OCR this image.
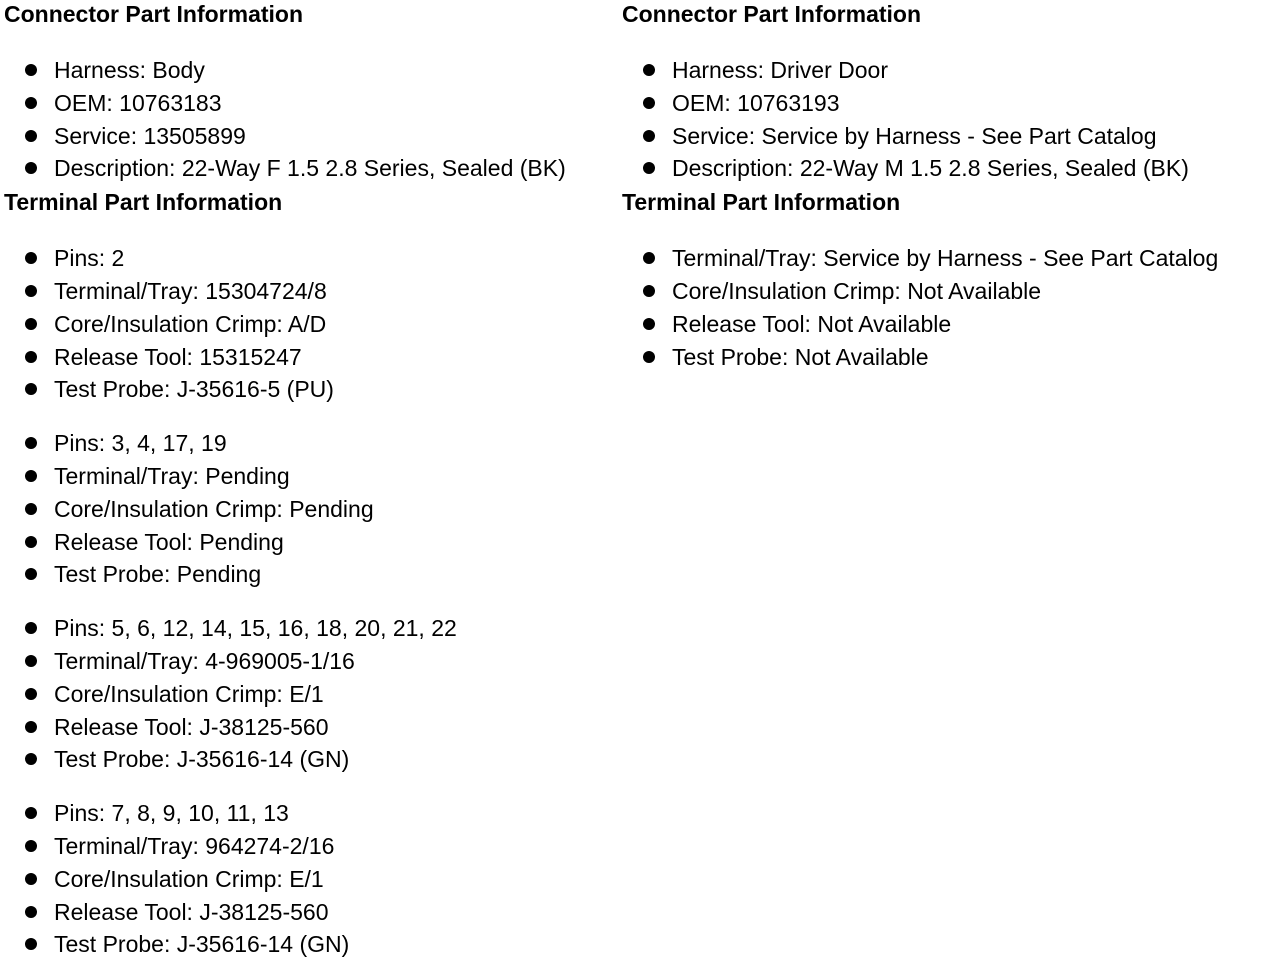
Connector Part Information
Harness: Body
OEM: 10763183
Service: 13505899
Description: 22-Way F 1.5 2.8 Series, Sealed (BK)
Terminal Part Information
Pins: 2
Terminal/Tray: 15304724/8
Core/Insulation Crimp: A/D
Release Tool: 15315247
Test Probe: J-35616-5 (PU)
Pins: 3, 4, 17, 19
Terminal/Tray: Pending
Core/Insulation Crimp: Pending
Release Tool: Pending
Test Probe: Pending
Pins: 5, 6, 12, 14, 15, 16, 18, 20, 21, 22
Terminal/Tray: 4-969005-1/16
Core/Insulation Crimp: E/1
Release Tool: J-38125-560
Test Probe: J-35616-14 (GN)
Pins: 7, 8, 9, 10, 11, 13
Terminal/Tray: 964274-2/16
Core/Insulation Crimp: E/1
Release Tool: J-38125-560
Test Probe: J-35616-14 (GN)
Connector Part Information
Harness: Driver Door
OEM: 10763193
Service: Service by Harness - See Part Catalog
Description: 22-Way M 1.5 2.8 Series, Sealed (BK)
Terminal Part Information
Terminal/Tray: Service by Harness - See Part Catalog
Core/Insulation Crimp: Not Available
Release Tool: Not Available
Test Probe: Not Available
